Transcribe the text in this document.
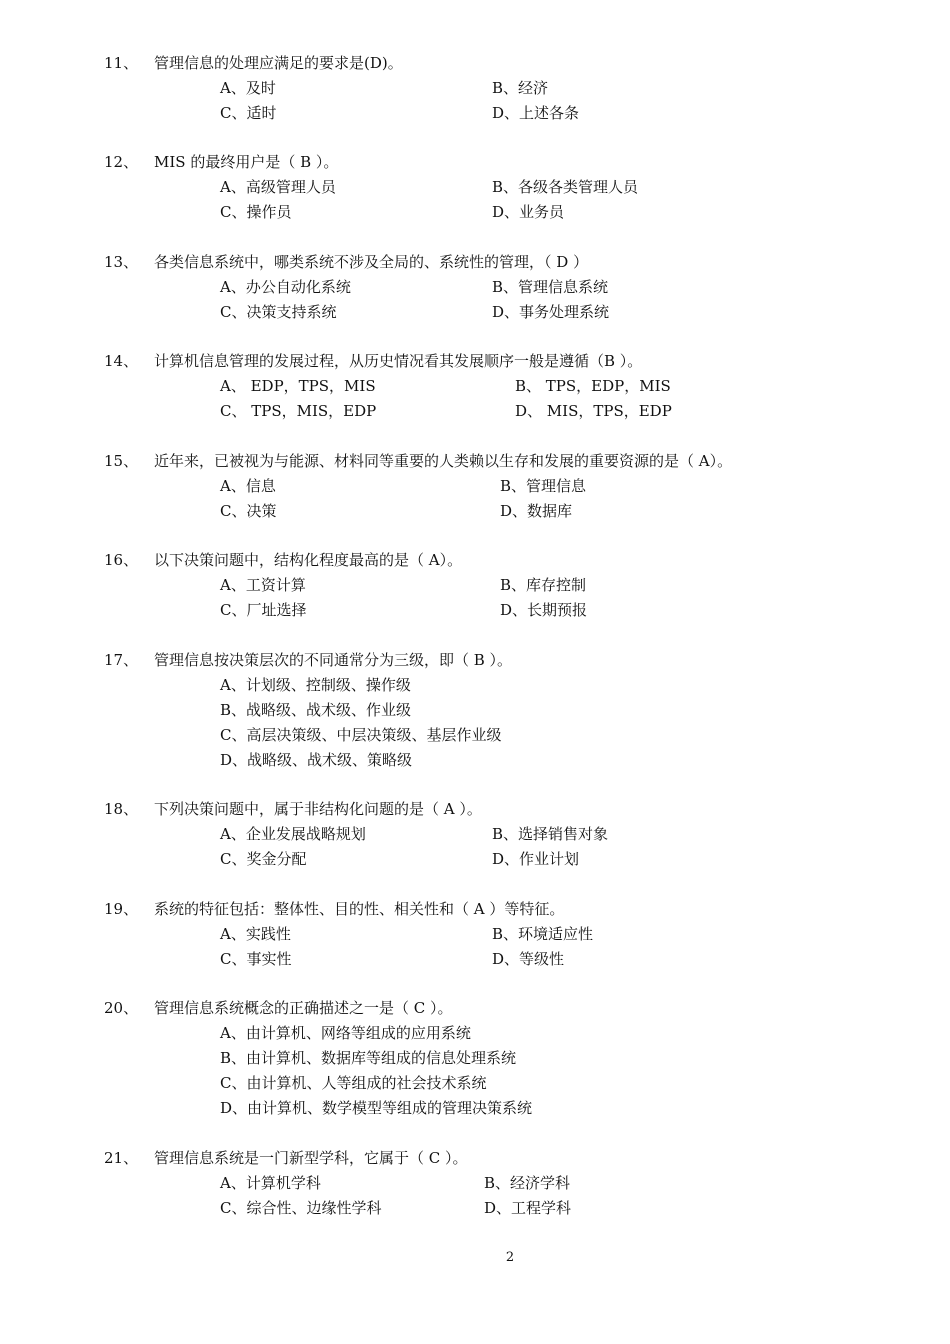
11、 管理信息的处理应满足的要求是(D)。
A、及时	B、经济
C、适时	D、上述各条
12、 MIS 的最终用户是（ B ）。
A、高级管理人员	B、各级各类管理人员
C、操作员	D、业务员
13、 各类信息系统中，哪类系统不涉及全局的、系统性的管理，（ D ）
A、办公自动化系统	B、管理信息系统
C、决策支持系统	D、事务处理系统
14、 计算机信息管理的发展过程，从历史情况看其发展顺序一般是遵循（B ）。
A、 EDP，TPS，MIS	B、 TPS，EDP，MIS
C、 TPS，MIS，EDP	D、 MIS，TPS，EDP
15、 近年来，已被视为与能源、材料同等重要的人类赖以生存和发展的重要资源的是（ A）。
A、信息	B、管理信息
C、决策	D、数据库
16、 以下决策问题中，结构化程度最高的是（ A）。
A、工资计算	B、库存控制
C、厂址选择	D、长期预报
17、 管理信息按决策层次的不同通常分为三级，即（ B ）。
A、计划级、控制级、操作级
B、战略级、战术级、作业级
C、高层决策级、中层决策级、基层作业级
D、战略级、战术级、策略级
18、 下列决策问题中，属于非结构化问题的是（ A ）。
A、企业发展战略规划	B、选择销售对象
C、奖金分配	D、作业计划
19、 系统的特征包括：整体性、目的性、相关性和（ A ）等特征。
A、实践性	B、环境适应性
C、事实性	D、等级性
20、 管理信息系统概念的正确描述之一是（ C ）。
A、由计算机、网络等组成的应用系统
B、由计算机、数据库等组成的信息处理系统
C、由计算机、人等组成的社会技术系统
D、由计算机、数学模型等组成的管理决策系统
21、 管理信息系统是一门新型学科，它属于（ C ）。
A、计算机学科	B、经济学科
C、综合性、边缘性学科	D、工程学科
2
